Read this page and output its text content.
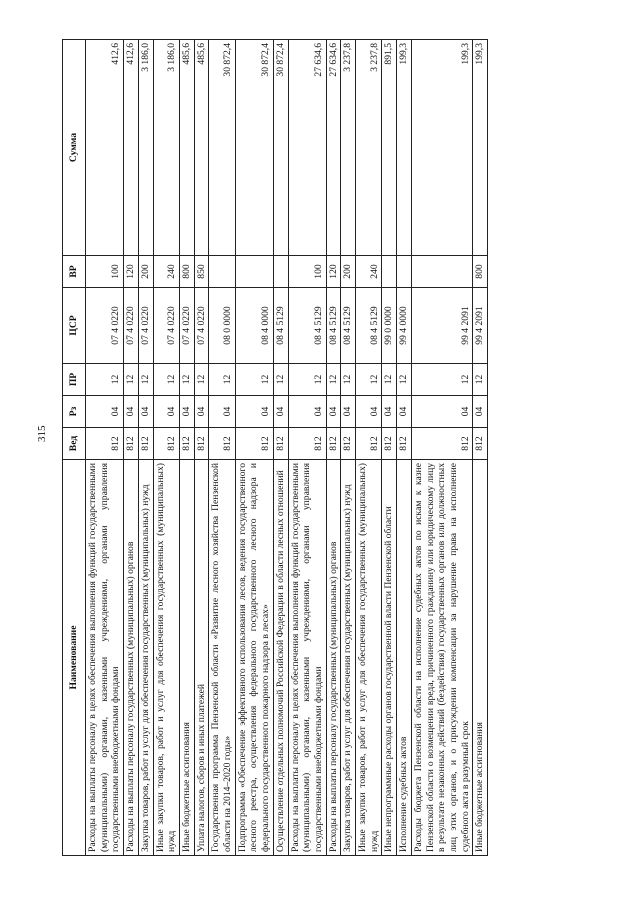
315
Наименование	Вед	Рз	ПР	ЦСР	ВР	Сумма
Расходы на выплаты персоналу в целях обеспечения выполнения функций государственными (муниципальными) органами, казенными учреждениями, органами управления государственными внебюджетными фондами	812	04	12	07 4 0220	100	412,6
Расходы на выплаты персоналу государственных (муниципальных) органов	812	04	12	07 4 0220	120	412,6
Закупка товаров, работ и услуг для обеспечения государственных (муниципальных) нужд	812	04	12	07 4 0220	200	3 186,0
Иные закупки товаров, работ и услуг для обеспечения государственных (муниципальных) нужд	812	04	12	07 4 0220	240	3 186,0
Иные бюджетные ассигнования	812	04	12	07 4 0220	800	485,6
Уплата налогов, сборов и иных платежей	812	04	12	07 4 0220	850	485,6
Государственная программа Пензенской области «Развитие лесного хозяйства Пензенской области на 2014–2020 годы»	812	04	12	08 0 0000		30 872,4
Подпрограмма «Обеспечение эффективного использования лесов, ведения государственного лесного реестра, осуществления федерального государственного лесного надзора и федерального государственного пожарного надзора в лесах»	812	04	12	08 4 0000		30 872,4
Осуществление отдельных полномочий Российской Федерации в области лесных отношений	812	04	12	08 4 5129		30 872,4
Расходы на выплаты персоналу в целях обеспечения выполнения функций государственными (муниципальными) органами, казенными учреждениями, органами управления государственными внебюджетными фондами	812	04	12	08 4 5129	100	27 634,6
Расходы на выплаты персоналу государственных (муниципальных) органов	812	04	12	08 4 5129	120	27 634,6
Закупка товаров, работ и услуг для обеспечения государственных (муниципальных) нужд	812	04	12	08 4 5129	200	3 237,8
Иные закупки товаров, работ и услуг для обеспечения государственных (муниципальных) нужд	812	04	12	08 4 5129	240	3 237,8
Иные непрограммные расходы органов государственной власти Пензенской области	812	04	12	99 0 0000		891,5
Исполнение судебных актов	812	04	12	99 4 0000		199,3
Расходы бюджета Пензенской области на исполнение судебных актов по искам к казне Пензенской области о возмещении вреда, причиненного гражданину или юридическому лицу в результате незаконных действий (бездействия) государственных органов или должностных лиц этих органов, и о присуждении компенсации за нарушение права на исполнение судебного акта в разумный срок	812	04	12	99 4 2091		199,3
Иные бюджетные ассигнования	812	04	12	99 4 2091	800	199,3
